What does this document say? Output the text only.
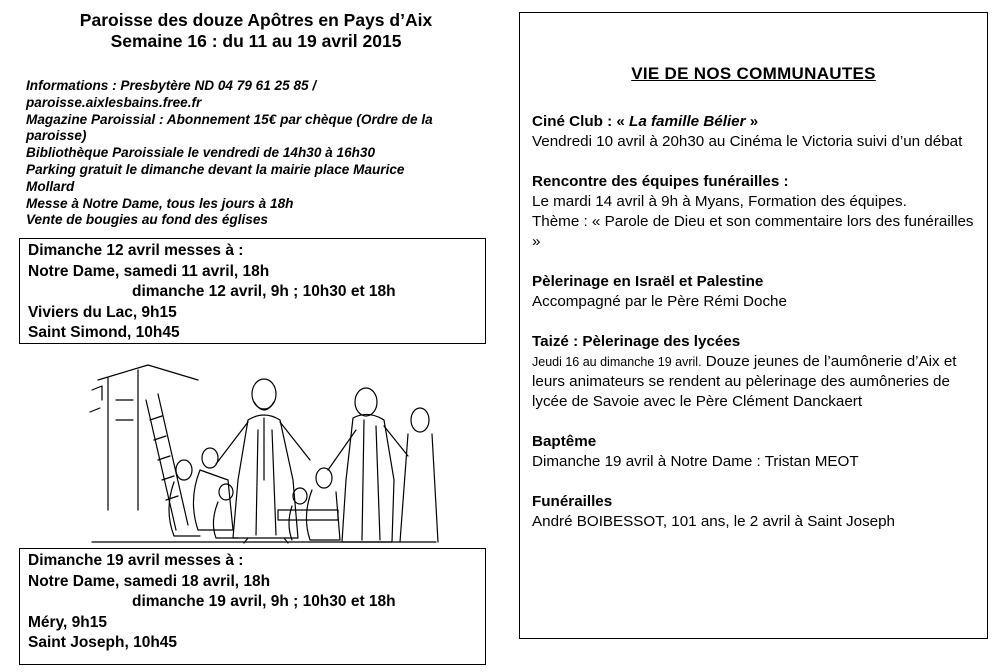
Paroisse des douze Apôtres en Pays d’Aix

Semaine 16 : du 11 au 19 avril 2015

Informations : Presbytère ND 04 79 61 25 85 /
paroisse.aixlesbains.free.fr
Magazine Paroissial : Abonnement 15€ par chèque (Ordre de la
paroisse)
Bibliothèque Paroissiale le vendredi de 14h30 à 16h30
Parking gratuit le dimanche devant la mairie place Maurice
Mollard
Messe à Notre Dame, tous les jours à 18h
Vente de bougies au fond des églises
Dimanche 12 avril messes à :
Notre Dame, samedi 11 avril, 18h
dimanche 12 avril, 9h ; 10h30 et 18h
Viviers du Lac, 9h15
Saint Simond, 10h45
Dimanche 19 avril messes à :
Notre Dame, samedi 18 avril, 18h
dimanche 19 avril, 9h ; 10h30 et 18h
Méry, 9h15
Saint Joseph, 10h45
VIE DE NOS COMMUNAUTES
Ciné Club : « La famille Bélier »
Vendredi 10 avril à 20h30 au Cinéma le Victoria suivi d’un débat
Rencontre des équipes funérailles :
Le mardi 14 avril à 9h à Myans, Formation des équipes.
Thème : « Parole de Dieu et son commentaire lors des funérailles »
Pèlerinage en Israël et Palestine
Accompagné par le Père Rémi Doche
Taizé : Pèlerinage des lycées
Jeudi 16 au dimanche 19 avril. Douze jeunes de l’aumônerie d’Aix et leurs animateurs se rendent au pèlerinage des aumôneries de lycée de Savoie avec le Père Clément Danckaert
Baptême
Dimanche 19 avril à Notre Dame : Tristan MEOT
Funérailles
André BOIBESSOT, 101 ans, le 2 avril à Saint Joseph
